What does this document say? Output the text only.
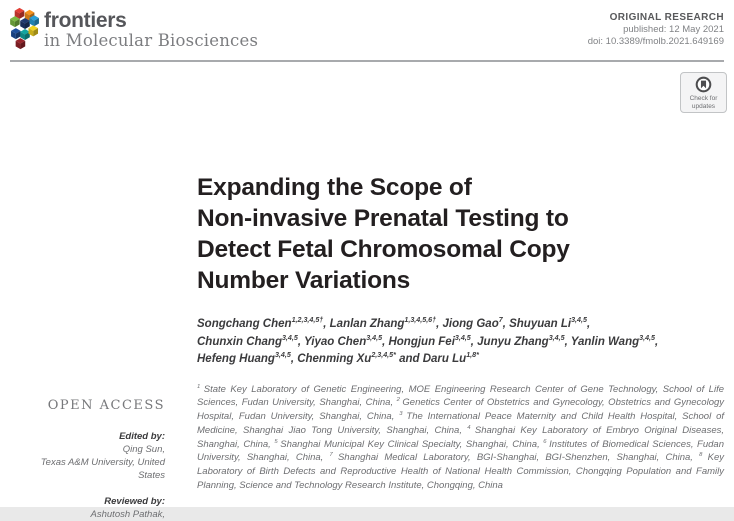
frontiers
in Molecular Biosciences
ORIGINAL RESEARCH
published: 12 May 2021
doi: 10.3389/fmolb.2021.649169
Check for updates
OPEN ACCESS
Edited by:
Qing Sun,
Texas A&M University, United States
Reviewed by:
Ashutosh Pathak,
Expanding the Scope of
Non-invasive Prenatal Testing to
Detect Fetal Chromosomal Copy
Number Variations

Songchang Chen$^{1,2,3,4,5\dagger}$, Lanlan Zhang$^{1,3,4,5,6\dagger}$, Jiong Gao$^7$, Shuyuan Li$^{3,4,5}$,
Chunxin Chang$^{3,4,5}$, Yiyao Chen$^{3,4,5}$, Hongjun Fei$^{3,4,5}$, Junyu Zhang$^{3,4,5}$, Yanlin Wang$^{3,4,5}$,
Hefeng Huang$^{3,4,5}$, Chenming $Xu^{2,3,4,5*}$ and Daru $Lu^{1,8*}$

$^1$ State Key Laboratory of Genetic Engineering, MOE Engineering Research Center of Gene Technology, School of Life Sciences, Fudan University, Shanghai, China, $^2$ Genetics Center of Obstetrics and Gynecology, Obstetrics and Gynecology Hospital, Fudan University, Shanghai, China, $^3$ The International Peace Maternity and Child Health Hospital, School of Medicine, Shanghai Jiao Tong University, Shanghai, China, $^4$ Shanghai Key Laboratory of Embryo Original Diseases, Shanghai, China, $^5$ Shanghai Municipal Key Clinical Specialty, Shanghai, China, $^6$ Institutes of Biomedical Sciences, Fudan University, Shanghai, China, $^7$ Shanghai Medical Laboratory, BGI-Shanghai, BGI-Shenzhen, Shanghai, China, $^8$ Key Laboratory of Birth Defects and Reproductive Health of National Health Commission, Chongqing Population and Family Planning, Science and Technology Research Institute, Chongqing, China
